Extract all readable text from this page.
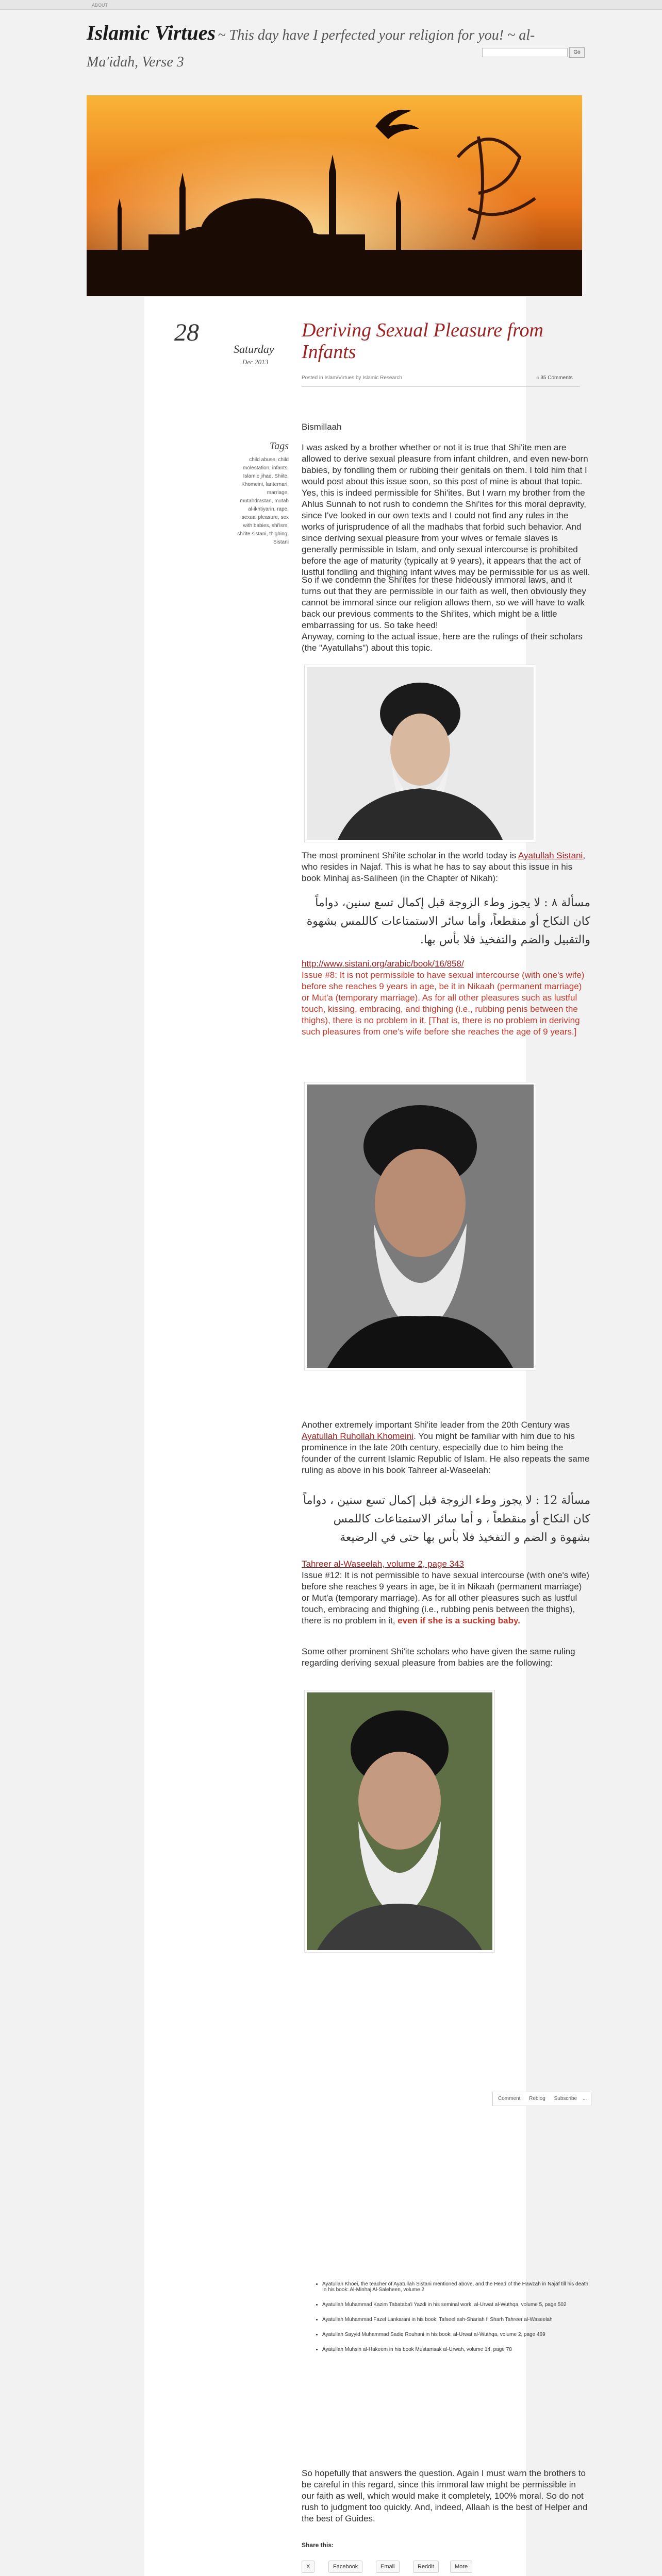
ABOUT
Islamic Virtues ~ This day have I perfected your religion for you! ~ al-Ma'idah, Verse 3
Go
28
Saturday
Dec 2013
Deriving Sexual Pleasure from Infants
Posted in Islam/Virtues by Islamic Research	« 35 Comments
Tags
child abuse, child molestation, infants, Islamic jihad, Shiite, Khomeini, lanternari, marriage, mutahdrastan, mutah al-ikhtiyarin, rape, sexual pleasure, sex with babies, shi'ism, shi'ite sistani, thighing, Sistani
Bismillaah
I was asked by a brother whether or not it is true that Shi'ite men are allowed to derive sexual pleasure from infant children, and even new-born babies, by fondling them or rubbing their genitals on them. I told him that I would post about this issue soon, so this post of mine is about that topic. Yes, this is indeed permissible for Shi'ites. But I warn my brother from the Ahlus Sunnah to not rush to condemn the Shi'ites for this moral depravity, since I've looked in our own texts and I could not find any rules in the works of jurisprudence of all the madhabs that forbid such behavior. And since deriving sexual pleasure from your wives or female slaves is generally permissible in Islam, and only sexual intercourse is prohibited before the age of maturity (typically at 9 years), it appears that the act of lustful fondling and thighing infant wives may be permissible for us as well.
So if we condemn the Shi'ites for these hideously immoral laws, and it turns out that they are permissible in our faith as well, then obviously they cannot be immoral since our religion allows them, so we will have to walk back our previous comments to the Shi'ites, which might be a little embarrassing for us. So take heed!
Anyway, coming to the actual issue, here are the rulings of their scholars (the "Ayatullahs") about this topic.
The most prominent Shi'ite scholar in the world today is Ayatullah Sistani, who resides in Najaf. This is what he has to say about this issue in his book Minhaj as-Saliheen (in the Chapter of Nikah):
مسألة ٨ : لا يجوز وطء الزوجة قبل إكمال تسع سنين، دواماً كان النكاح أو منقطعاً، وأما سائر الاستمتاعات كاللمس بشهوة والتقبيل والضم والتفخيذ فلا بأس بها.
http://www.sistani.org/arabic/book/16/858/
Issue #8: It is not permissible to have sexual intercourse (with one's wife) before she reaches 9 years in age, be it in Nikaah (permanent marriage) or Mut'a (temporary marriage). As for all other pleasures such as lustful touch, kissing, embracing, and thighing (i.e., rubbing penis between the thighs), there is no problem in it. [That is, there is no problem in deriving such pleasures from one's wife before she reaches the age of 9 years.]
Another extremely important Shi'ite leader from the 20th Century was Ayatullah Ruhollah Khomeini. You might be familiar with him due to his prominence in the late 20th century, especially due to him being the founder of the current Islamic Republic of Islam. He also repeats the same ruling as above in his book Tahreer al-Waseelah:
مسألة 12 : لا يجوز وطء الزوجة قبل إكمال تسع سنين ، دواماً كان النكاح أو منقطعاً ، و أما سائر الاستمتاعات كاللمس بشهوة و الضم و التفخيذ فلا بأس بها حتى في الرضيعة
Tahreer al-Waseelah, volume 2, page 343
Issue #12: It is not permissible to have sexual intercourse (with one's wife) before she reaches 9 years in age, be it in Nikaah (permanent marriage) or Mut'a (temporary marriage). As for all other pleasures such as lustful touch, embracing and thighing (i.e., rubbing penis between the thighs), there is no problem in it, even if she is a sucking baby.
Some other prominent Shi'ite scholars who have given the same ruling regarding deriving sexual pleasure from babies are the following:
• Ayatullah Khoei, the teacher of Ayatullah Sistani mentioned above, and the Head of the Hawzah in Najaf till his death. In his book: Al-Minhaj Al-Saleheen, volume 2
• Ayatullah Muhammad Kazim Tabataba'i Yazdi in his seminal work: al-Urwat al-Wuthqa, volume 5, page 502
• Ayatullah Muhammad Fazel Lankarani in his book: Tafseel ash-Shariah fi Sharh Tahreer al-Waseelah
• Ayatullah Sayyid Muhammad Sadiq Rouhani in his book: al-Urwat al-Wuthqa, volume 2, page 469
• Ayatullah Muhsin al-Hakeem in his book Mustamsak al-Urwah, volume 14, page 78
So hopefully that answers the question. Again I must warn the brothers to be careful in this regard, since this immoral law might be permissible in our faith as well, which would make it completely, 100% moral. So do not rush to judgment too quickly. And, indeed, Allaah is the best of Helper and the best of Guides.
Share this:
X	Facebook	Email	Reddit	More
Comment Reblog Subscribe ...
